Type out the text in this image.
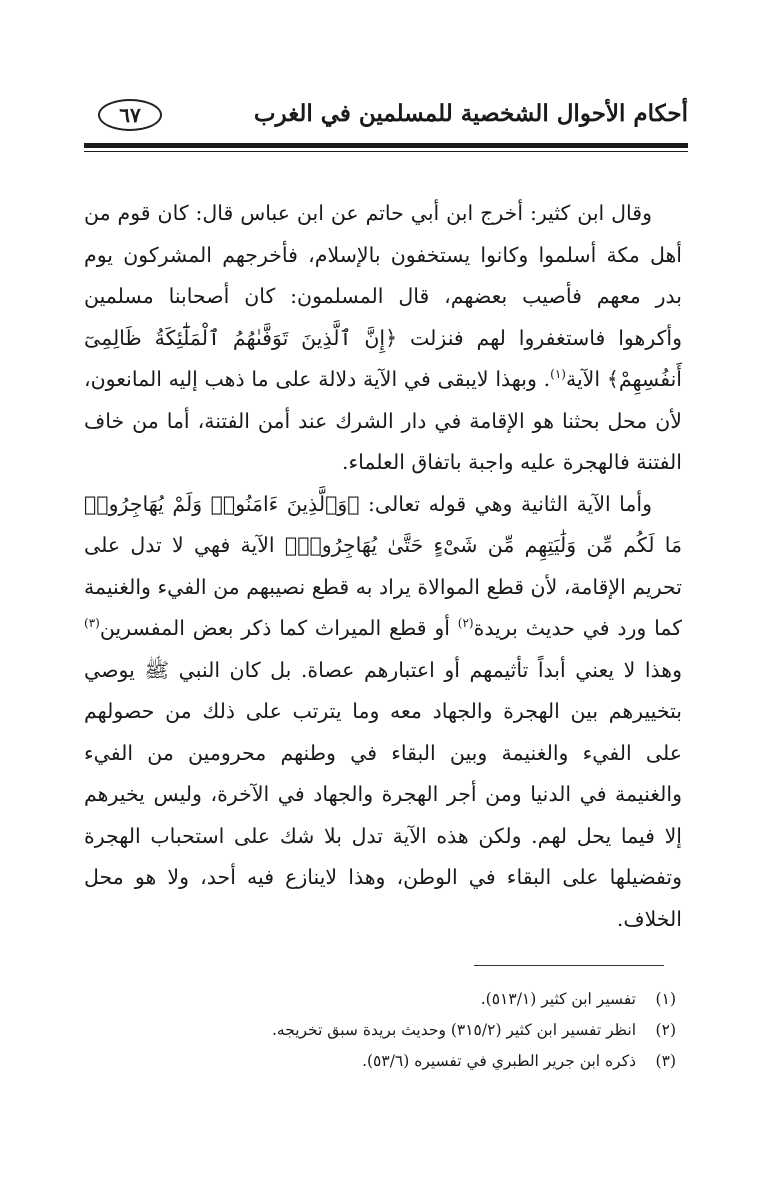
أحكام الأحوال الشخصية للمسلمين في الغرب
٦٧

وقال ابن كثير: أخرج ابن أبي حاتم عن ابن عباس قال: كان قوم من أهل مكة أسلموا وكانوا يستخفون بالإسلام، فأخرجهم المشركون يوم بدر معهم فأصيب بعضهم، قال المسلمون: كان أصحابنا مسلمين وأكرهوا فاستغفروا لهم فنزلت ﴿إِنَّ ٱلَّذِينَ تَوَفَّىٰهُمُ ٱلْمَلَٰٓئِكَةُ ظَالِمِىٓ أَنفُسِهِمْ﴾ الآية$^{(١)}$. وبهذا لايبقى في الآية دلالة على ما ذهب إليه المانعون، لأن محل بحثنا هو الإقامة في دار الشرك عند أمن الفتنة، أما من خاف الفتنة فالهجرة عليه واجبة باتفاق العلماء.

وأما الآية الثانية وهي قوله تعالى: ﴿وَٱلَّذِينَ ءَامَنُوا۟ وَلَمْ يُهَاجِرُوا۟ مَا لَكُم مِّن وَلَٰيَتِهِم مِّن شَىْءٍ حَتَّىٰ يُهَاجِرُوا۟﴾ الآية فهي لا تدل على تحريم الإقامة، لأن قطع الموالاة يراد به قطع نصيبهم من الفيء والغنيمة كما ورد في حديث بريدة$^{(٢)}$ أو قطع الميراث كما ذكر بعض المفسرين$^{(٣)}$ وهذا لا يعني أبداً تأثيمهم أو اعتبارهم عصاة. بل كان النبي ﷺ يوصي بتخييرهم بين الهجرة والجهاد معه وما يترتب على ذلك من حصولهم على الفيء والغنيمة وبين البقاء في وطنهم محرومين من الفيء والغنيمة في الدنيا ومن أجر الهجرة والجهاد في الآخرة، وليس يخيرهم إلا فيما يحل لهم. ولكن هذه الآية تدل بلا شك على استحباب الهجرة وتفضيلها على البقاء في الوطن، وهذا لاينازع فيه أحد، ولا هو محل الخلاف.

(١)تفسير ابن كثير (٥١٣/١).
(٢)انظر تفسير ابن كثير (٣١٥/٢) وحديث بريدة سبق تخريجه.
(٣)ذكره ابن جرير الطبري في تفسيره (٥٣/٦).
